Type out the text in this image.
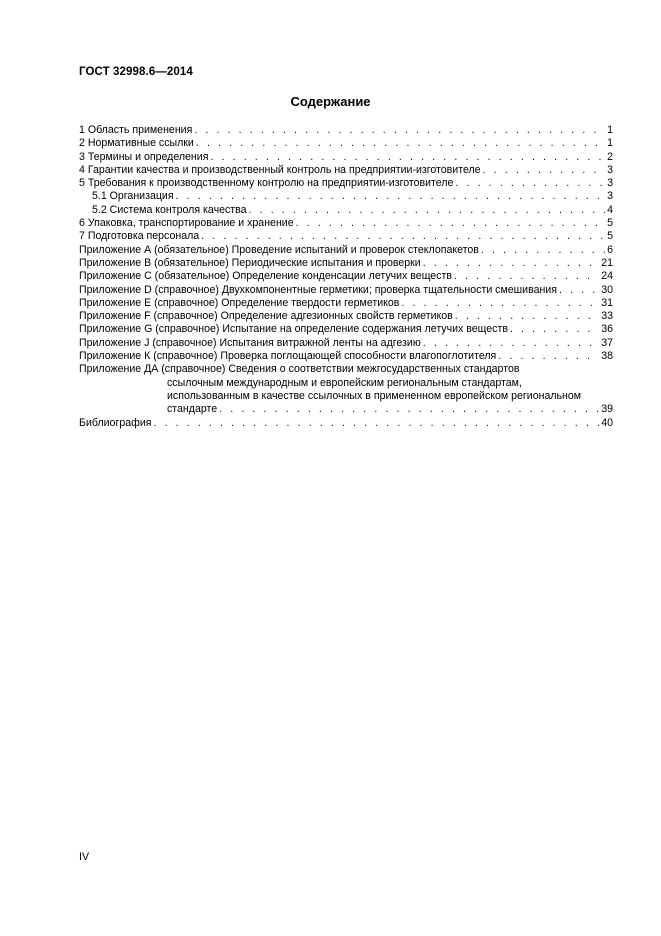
ГОСТ 32998.6—2014
Содержание
1 Область применения . . .	1
2 Нормативные ссылки . . .	1
3 Термины и определения . . .	2
4 Гарантии качества и производственный контроль на предприятии-изготовителе . . .	3
5 Требования к производственному контролю на предприятии-изготовителе . . .	3
5.1 Организация . . .	3
5.2 Система контроля качества . . .	4
6 Упаковка, транспортирование и хранение . . .	5
7 Подготовка персонала . . .	5
Приложение А (обязательное) Проведение испытаний и проверок стеклопакетов . . .	6
Приложение В (обязательное) Периодические испытания и проверки . . .	21
Приложение С (обязательное) Определение конденсации летучих веществ . . .	24
Приложение D (справочное) Двухкомпонентные герметики; проверка тщательности смешивания . . .	30
Приложение Е (справочное) Определение твердости герметиков . . .	31
Приложение F (справочное) Определение адгезионных свойств герметиков . . .	33
Приложение G (справочное) Испытание на определение содержания летучих веществ . . .	36
Приложение J (справочное) Испытания витражной ленты на адгезию . . .	37
Приложение К (справочное) Проверка поглощающей способности влагопоглотителя . . .	38
Приложение ДА (справочное) Сведения о соответствии межгосударственных стандартов
ссылочным международным и европейским региональным стандартам,
использованным в качестве ссылочных в примененном европейском региональном
стандарте . . .	39
Библиография . . .	40
IV
